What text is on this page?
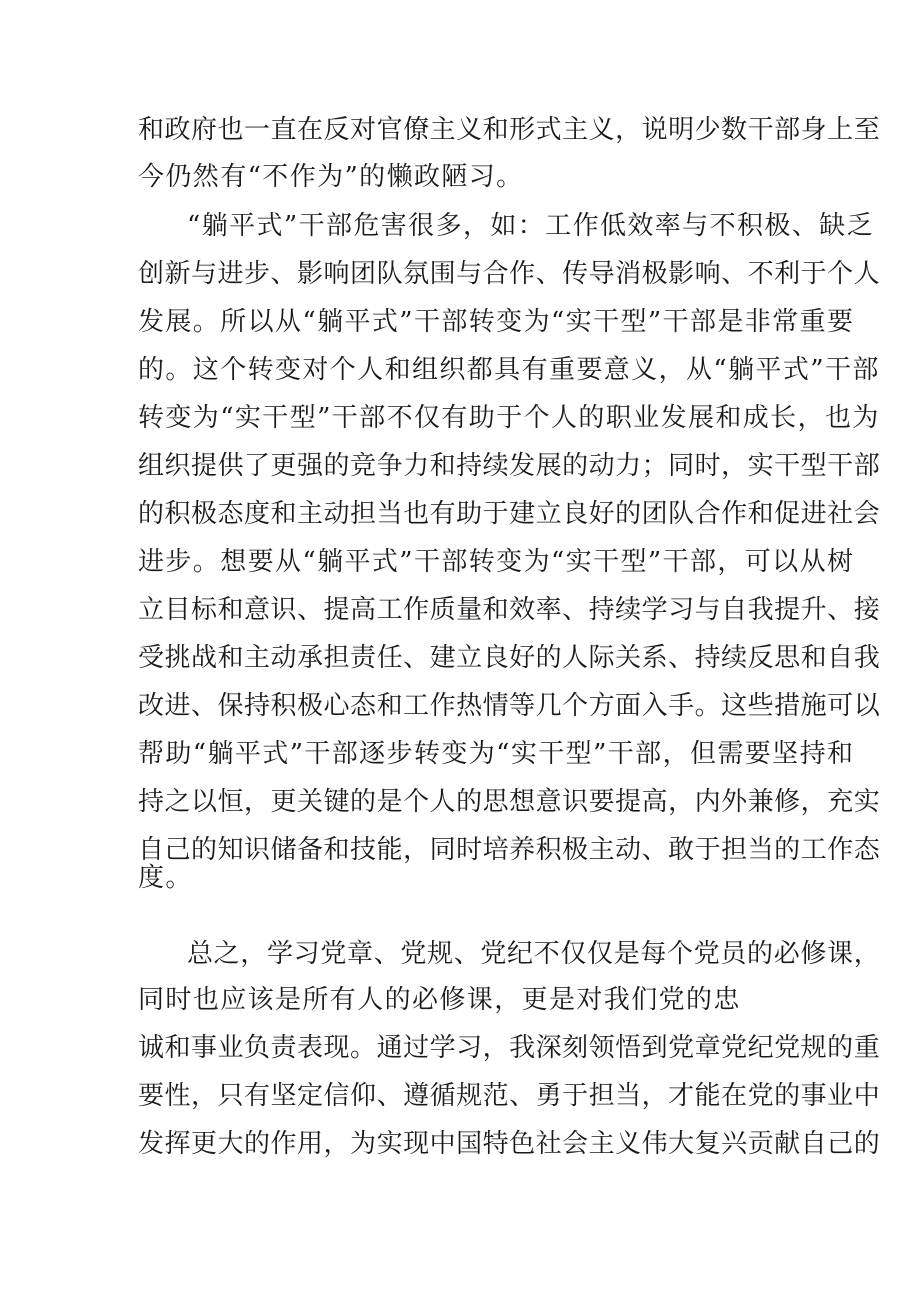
和政府也一直在反对官僚主义和形式主义，说明少数干部身上至
今仍然有“不作为”的懒政陋习。
“躺平式”干部危害很多，如：工作低效率与不积极、缺乏
创新与进步、影响团队氛围与合作、传导消极影响、不利于个人
发展。所以从“躺平式”干部转变为“实干型”干部是非常重要
的。这个转变对个人和组织都具有重要意义，从“躺平式”干部
转变为“实干型”干部不仅有助于个人的职业发展和成长，也为
组织提供了更强的竞争力和持续发展的动力；同时，实干型干部
的积极态度和主动担当也有助于建立良好的团队合作和促进社会
进步。想要从“躺平式”干部转变为“实干型”干部，可以从树
立目标和意识、提高工作质量和效率、持续学习与自我提升、接
受挑战和主动承担责任、建立良好的人际关系、持续反思和自我
改进、保持积极心态和工作热情等几个方面入手。这些措施可以
帮助“躺平式”干部逐步转变为“实干型”干部，但需要坚持和
持之以恒，更关键的是个人的思想意识要提高，内外兼修，充实
自己的知识储备和技能，同时培养积极主动、敢于担当的工作态
度。
总之，学习党章、党规、党纪不仅仅是每个党员的必修课，
同时也应该是所有人的必修课，更是对我们党的忠
诚和事业负责表现。通过学习，我深刻领悟到党章党纪党规的重
要性，只有坚定信仰、遵循规范、勇于担当，才能在党的事业中
发挥更大的作用，为实现中国特色社会主义伟大复兴贡献自己的
